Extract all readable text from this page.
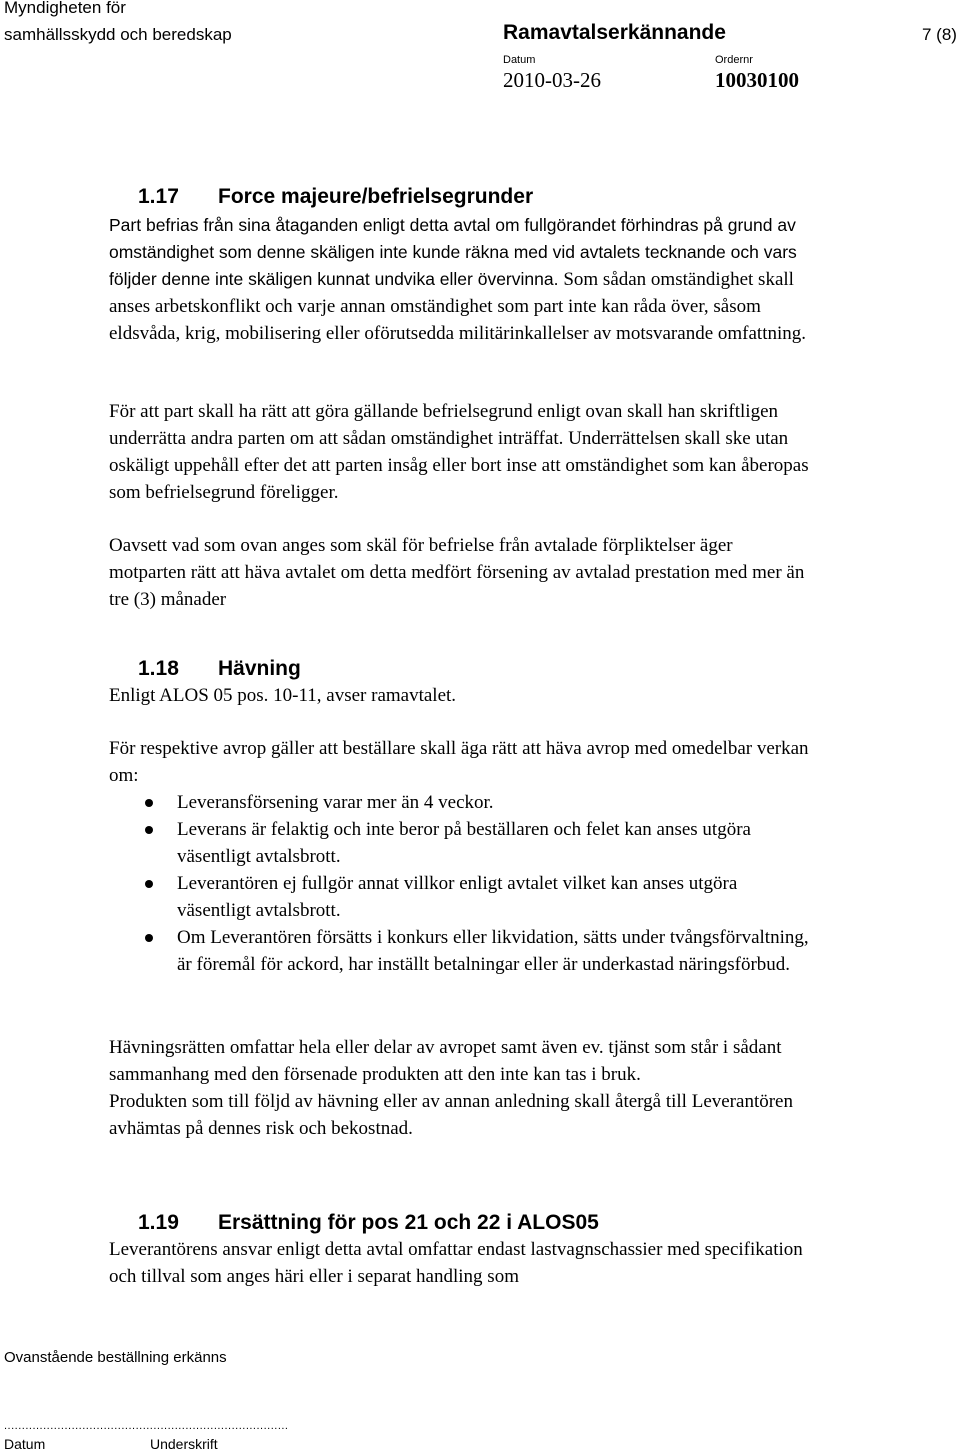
Myndigheten för
samhällsskydd och beredskap	Ramavtalserkännande	7 (8)
Datum	Ordernr
2010-03-26	10030100

1.17 Force majeure/befrielsegrunder

Part befrias från sina åtaganden enligt detta avtal om fullgörandet förhindras på grund av omständighet som denne skäligen inte kunde räkna med vid avtalets tecknande och vars följder denne inte skäligen kunnat undvika eller övervinna. Som sådan omständighet skall anses arbetskonflikt och varje annan omständighet som part inte kan råda över, såsom eldsvåda, krig, mobilisering eller oförutsedda militärinkallelser av motsvarande omfattning.

För att part skall ha rätt att göra gällande befrielsegrund enligt ovan skall han skriftligen underrätta andra parten om att sådan omständighet inträffat. Underrättelsen skall ske utan oskäligt uppehåll efter det att parten insåg eller bort inse att omständighet som kan åberopas som befrielsegrund föreligger.

Oavsett vad som ovan anges som skäl för befrielse från avtalade förpliktelser äger motparten rätt att häva avtalet om detta medfört försening av avtalad prestation med mer än tre (3) månader

1.18 Hävning

Enligt ALOS 05 pos. 10-11, avser ramavtalet.

För respektive avrop gäller att beställare skall äga rätt att häva avrop med omedelbar verkan om:

Leveransförsening varar mer än 4 veckor.
Leverans är felaktig och inte beror på beställaren och felet kan anses utgöra väsentligt avtalsbrott.
Leverantören ej fullgör annat villkor enligt avtalet vilket kan anses utgöra väsentligt avtalsbrott.
Om Leverantören försätts i konkurs eller likvidation, sätts under tvångsförvaltning, är föremål för ackord, har inställt betalningar eller är underkastad näringsförbud.

Hävningsrätten omfattar hela eller delar av avropet samt även ev. tjänst som står i sådant sammanhang med den försenade produkten att den inte kan tas i bruk.

Produkten som till följd av hävning eller av annan anledning skall återgå till Leverantören avhämtas på dennes risk och bekostnad.

1.19 Ersättning för pos 21 och 22 i ALOS05

Leverantörens ansvar enligt detta avtal omfattar endast lastvagnschassier med specifikation och tillval som anges häri eller i separat handling som

Ovanstående beställning erkänns
................................................................................
Datum	Underskrift
